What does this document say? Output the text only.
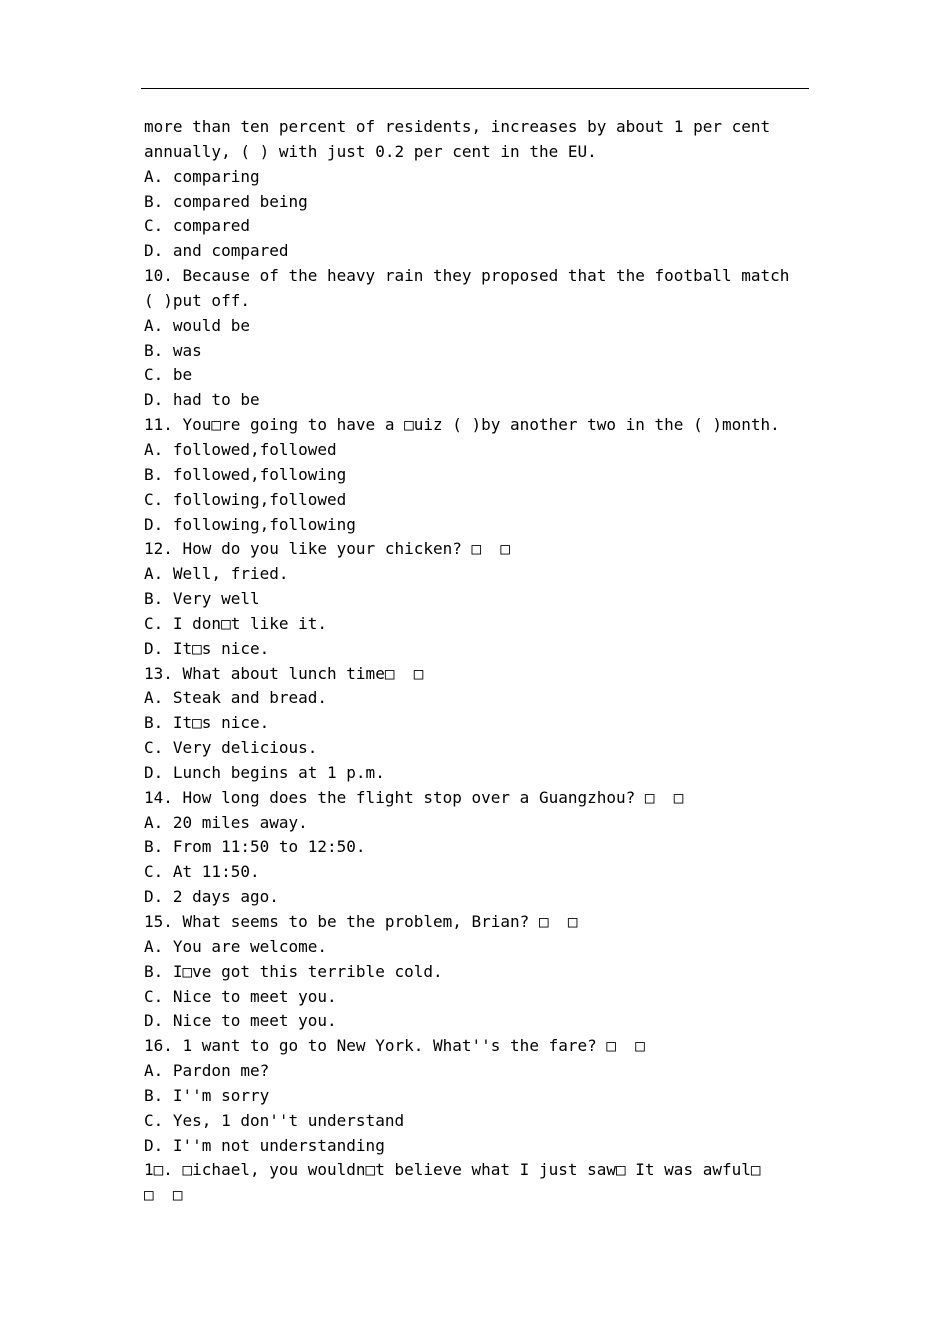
more than ten percent of residents, increases by about 1 per cent
annually, ( ) with just 0.2 per cent in the EU.
A. comparing
B. compared being
C. compared
D. and compared
10. Because of the heavy rain they proposed that the football match
( )put off.
A. would be
B. was
C. be
D. had to be
11. You□re going to have a □uiz ( )by another two in the ( )month.
A. followed,followed
B. followed,following
C. following,followed
D. following,following
12. How do you like your chicken? □  □
A. Well, fried.
B. Very well
C. I don□t like it.
D. It□s nice.
13. What about lunch time□  □
A. Steak and bread.
B. It□s nice.
C. Very delicious.
D. Lunch begins at 1 p.m.
14. How long does the flight stop over a Guangzhou? □  □
A. 20 miles away.
B. From 11:50 to 12:50.
C. At 11:50.
D. 2 days ago.
15. What seems to be the problem, Brian? □  □
A. You are welcome.
B. I□ve got this terrible cold.
C. Nice to meet you.
D. Nice to meet you.
16. 1 want to go to New York. What''s the fare? □  □
A. Pardon me?
B. I''m sorry
C. Yes, 1 don''t understand
D. I''m not understanding
1□. □ichael, you wouldn□t believe what I just saw□ It was awful□
□  □
